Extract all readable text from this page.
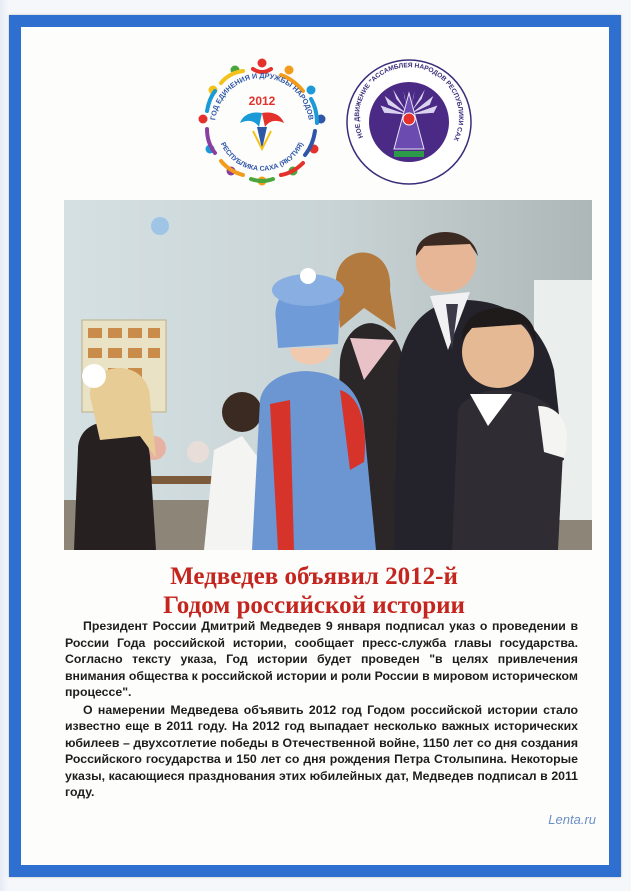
ГОД ЕДИНЕНИЯ И ДРУЖБЫ НАРОДОВ
РЕСПУБЛИКА САХА (ЯКУТИЯ)
2012
НОЕ ДВИЖЕНИЕ "АССАМБЛЕЯ НАРОДОВ РЕСПУБЛИКИ САХ
Медведев объявил 2012-й
Годом российской истории

Президент России Дмитрий Медведев 9 января подписал указ о проведении в России Года российской истории, сообщает пресс-служба главы государства. Согласно тексту указа, Год истории будет проведен "в целях привлечения внимания общества к российской истории и роли России в мировом историческом процессе".

О намерении Медведева объявить 2012 год Годом российской истории стало известно еще в 2011 году. На 2012 год выпадает несколько важных исторических юбилеев – двухсотлетие победы в Отечественной войне, 1150 лет со дня создания Российского государства и 150 лет со дня рождения Петра Столыпина. Некоторые указы, касающиеся празднования этих юбилейных дат, Медведев подписал в 2011 году.

Lenta.ru
